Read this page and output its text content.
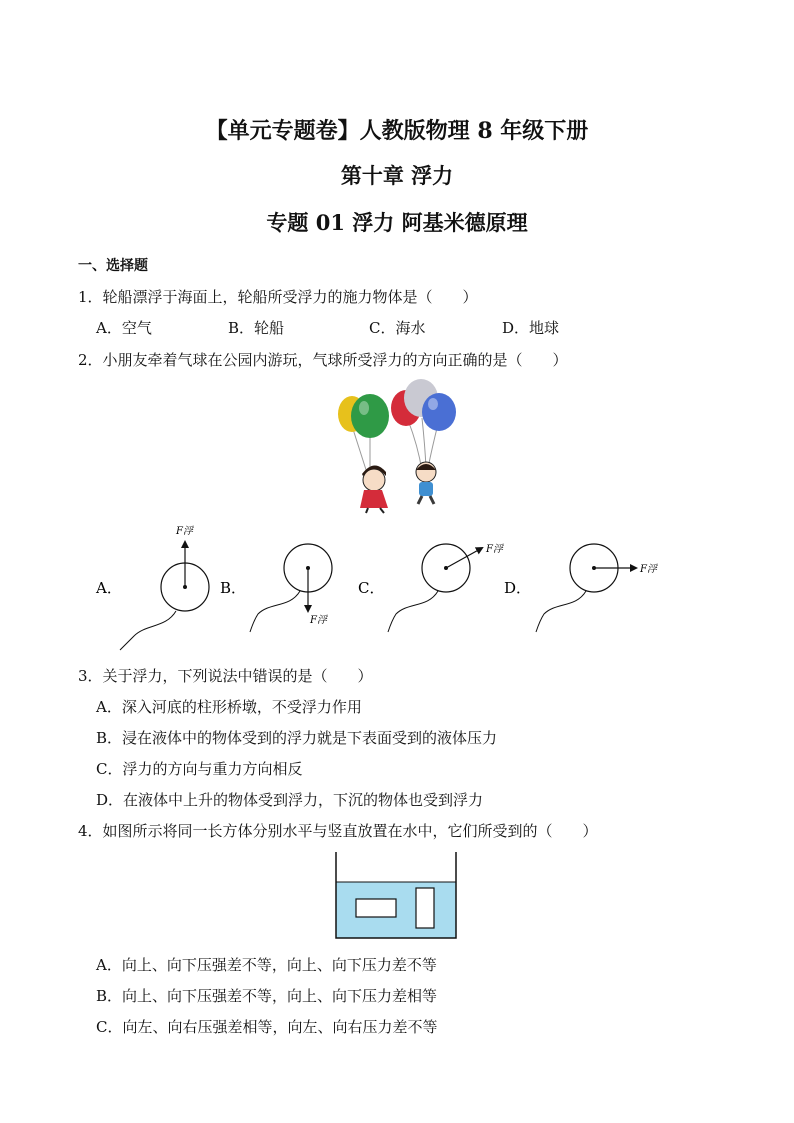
【单元专题卷】人教版物理 8 年级下册
第十章 浮力
专题 01 浮力 阿基米德原理
一、选择题
1．轮船漂浮于海面上，轮船所受浮力的施力物体是（　　）
A．空气	B．轮船	C．海水	D．地球
2．小朋友牵着气球在公园内游玩，气球所受浮力的方向正确的是（　　）
A．
F浮
B．
F浮
C．
F浮
D．
F浮
3．关于浮力，下列说法中错误的是（　　）
A．深入河底的柱形桥墩，不受浮力作用
B．浸在液体中的物体受到的浮力就是下表面受到的液体压力
C．浮力的方向与重力方向相反
D．在液体中上升的物体受到浮力，下沉的物体也受到浮力
4．如图所示将同一长方体分别水平与竖直放置在水中，它们所受到的（　　）
A．向上、向下压强差不等，向上、向下压力差不等
B．向上、向下压强差不等，向上、向下压力差相等
C．向左、向右压强差相等，向左、向右压力差不等
